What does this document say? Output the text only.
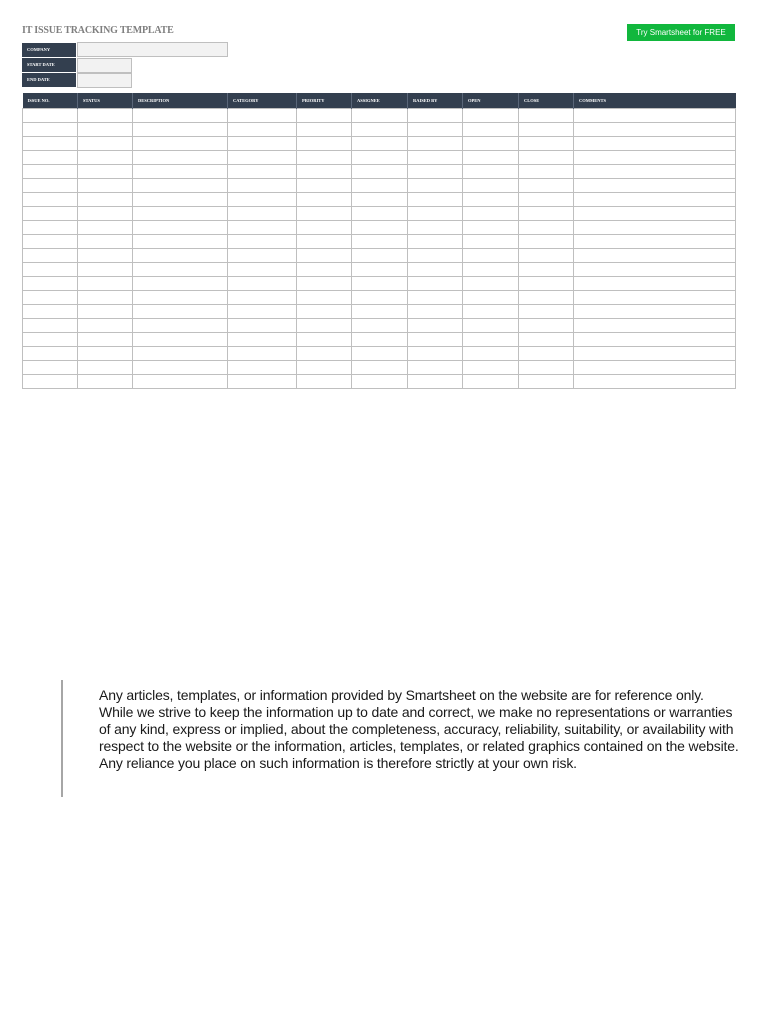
IT ISSUE TRACKING TEMPLATE	Try Smartsheet for FREE
COMPANY
START DATE
END DATE
ISSUE NO.	STATUS	DESCRIPTION	CATEGORY	PRIORITY	ASSIGNEE	RAISED BY	OPEN	CLOSE	COMMENTS

Any articles, templates, or information provided by Smartsheet on the website are for reference only. While we strive to keep the information up to date and correct, we make no representations or warranties of any kind, express or implied, about the completeness, accuracy, reliability, suitability, or availability with respect to the website or the information, articles, templates, or related graphics contained on the website. Any reliance you place on such information is therefore strictly at your own risk.
